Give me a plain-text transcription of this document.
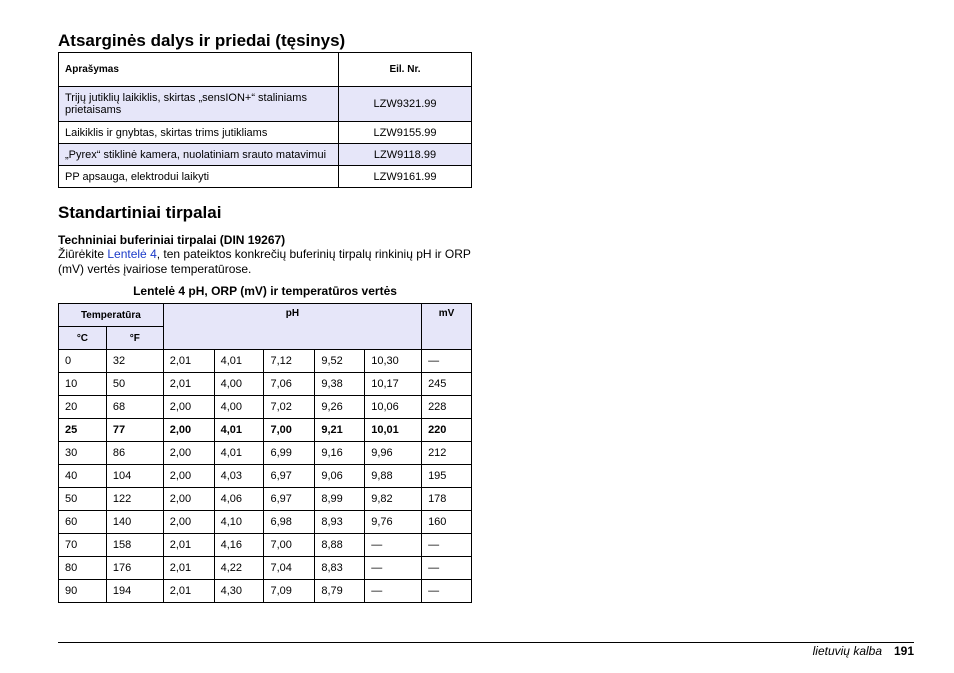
Atsarginės dalys ir priedai (tęsinys)
Aprašymas	Eil. Nr.
Trijų jutiklių laikiklis, skirtas „sensION+“ staliniams prietaisams	LZW9321.99
Laikiklis ir gnybtas, skirtas trims jutikliams	LZW9155.99
„Pyrex“ stiklinė kamera, nuolatiniam srauto matavimui	LZW9118.99
PP apsauga, elektrodui laikyti	LZW9161.99
Standartiniai tirpalai
Techniniai buferiniai tirpalai (DIN 19267)
Žiūrėkite Lentelė 4, ten pateiktos konkrečių buferinių tirpalų rinkinių pH ir ORP (mV) vertės įvairiose temperatūrose.
Lentelė 4 pH, ORP (mV) ir temperatūros vertės
Temperatūra		pH					mV
°C	°F						
0	32	2,01	4,01	7,12	9,52	10,30	—
10	50	2,01	4,00	7,06	9,38	10,17	245
20	68	2,00	4,00	7,02	9,26	10,06	228
25	77	2,00	4,01	7,00	9,21	10,01	220
30	86	2,00	4,01	6,99	9,16	9,96	212
40	104	2,00	4,03	6,97	9,06	9,88	195
50	122	2,00	4,06	6,97	8,99	9,82	178
60	140	2,00	4,10	6,98	8,93	9,76	160
70	158	2,01	4,16	7,00	8,88	—	—
80	176	2,01	4,22	7,04	8,83	—	—
90	194	2,01	4,30	7,09	8,79	—	—
lietuvių kalba 191
